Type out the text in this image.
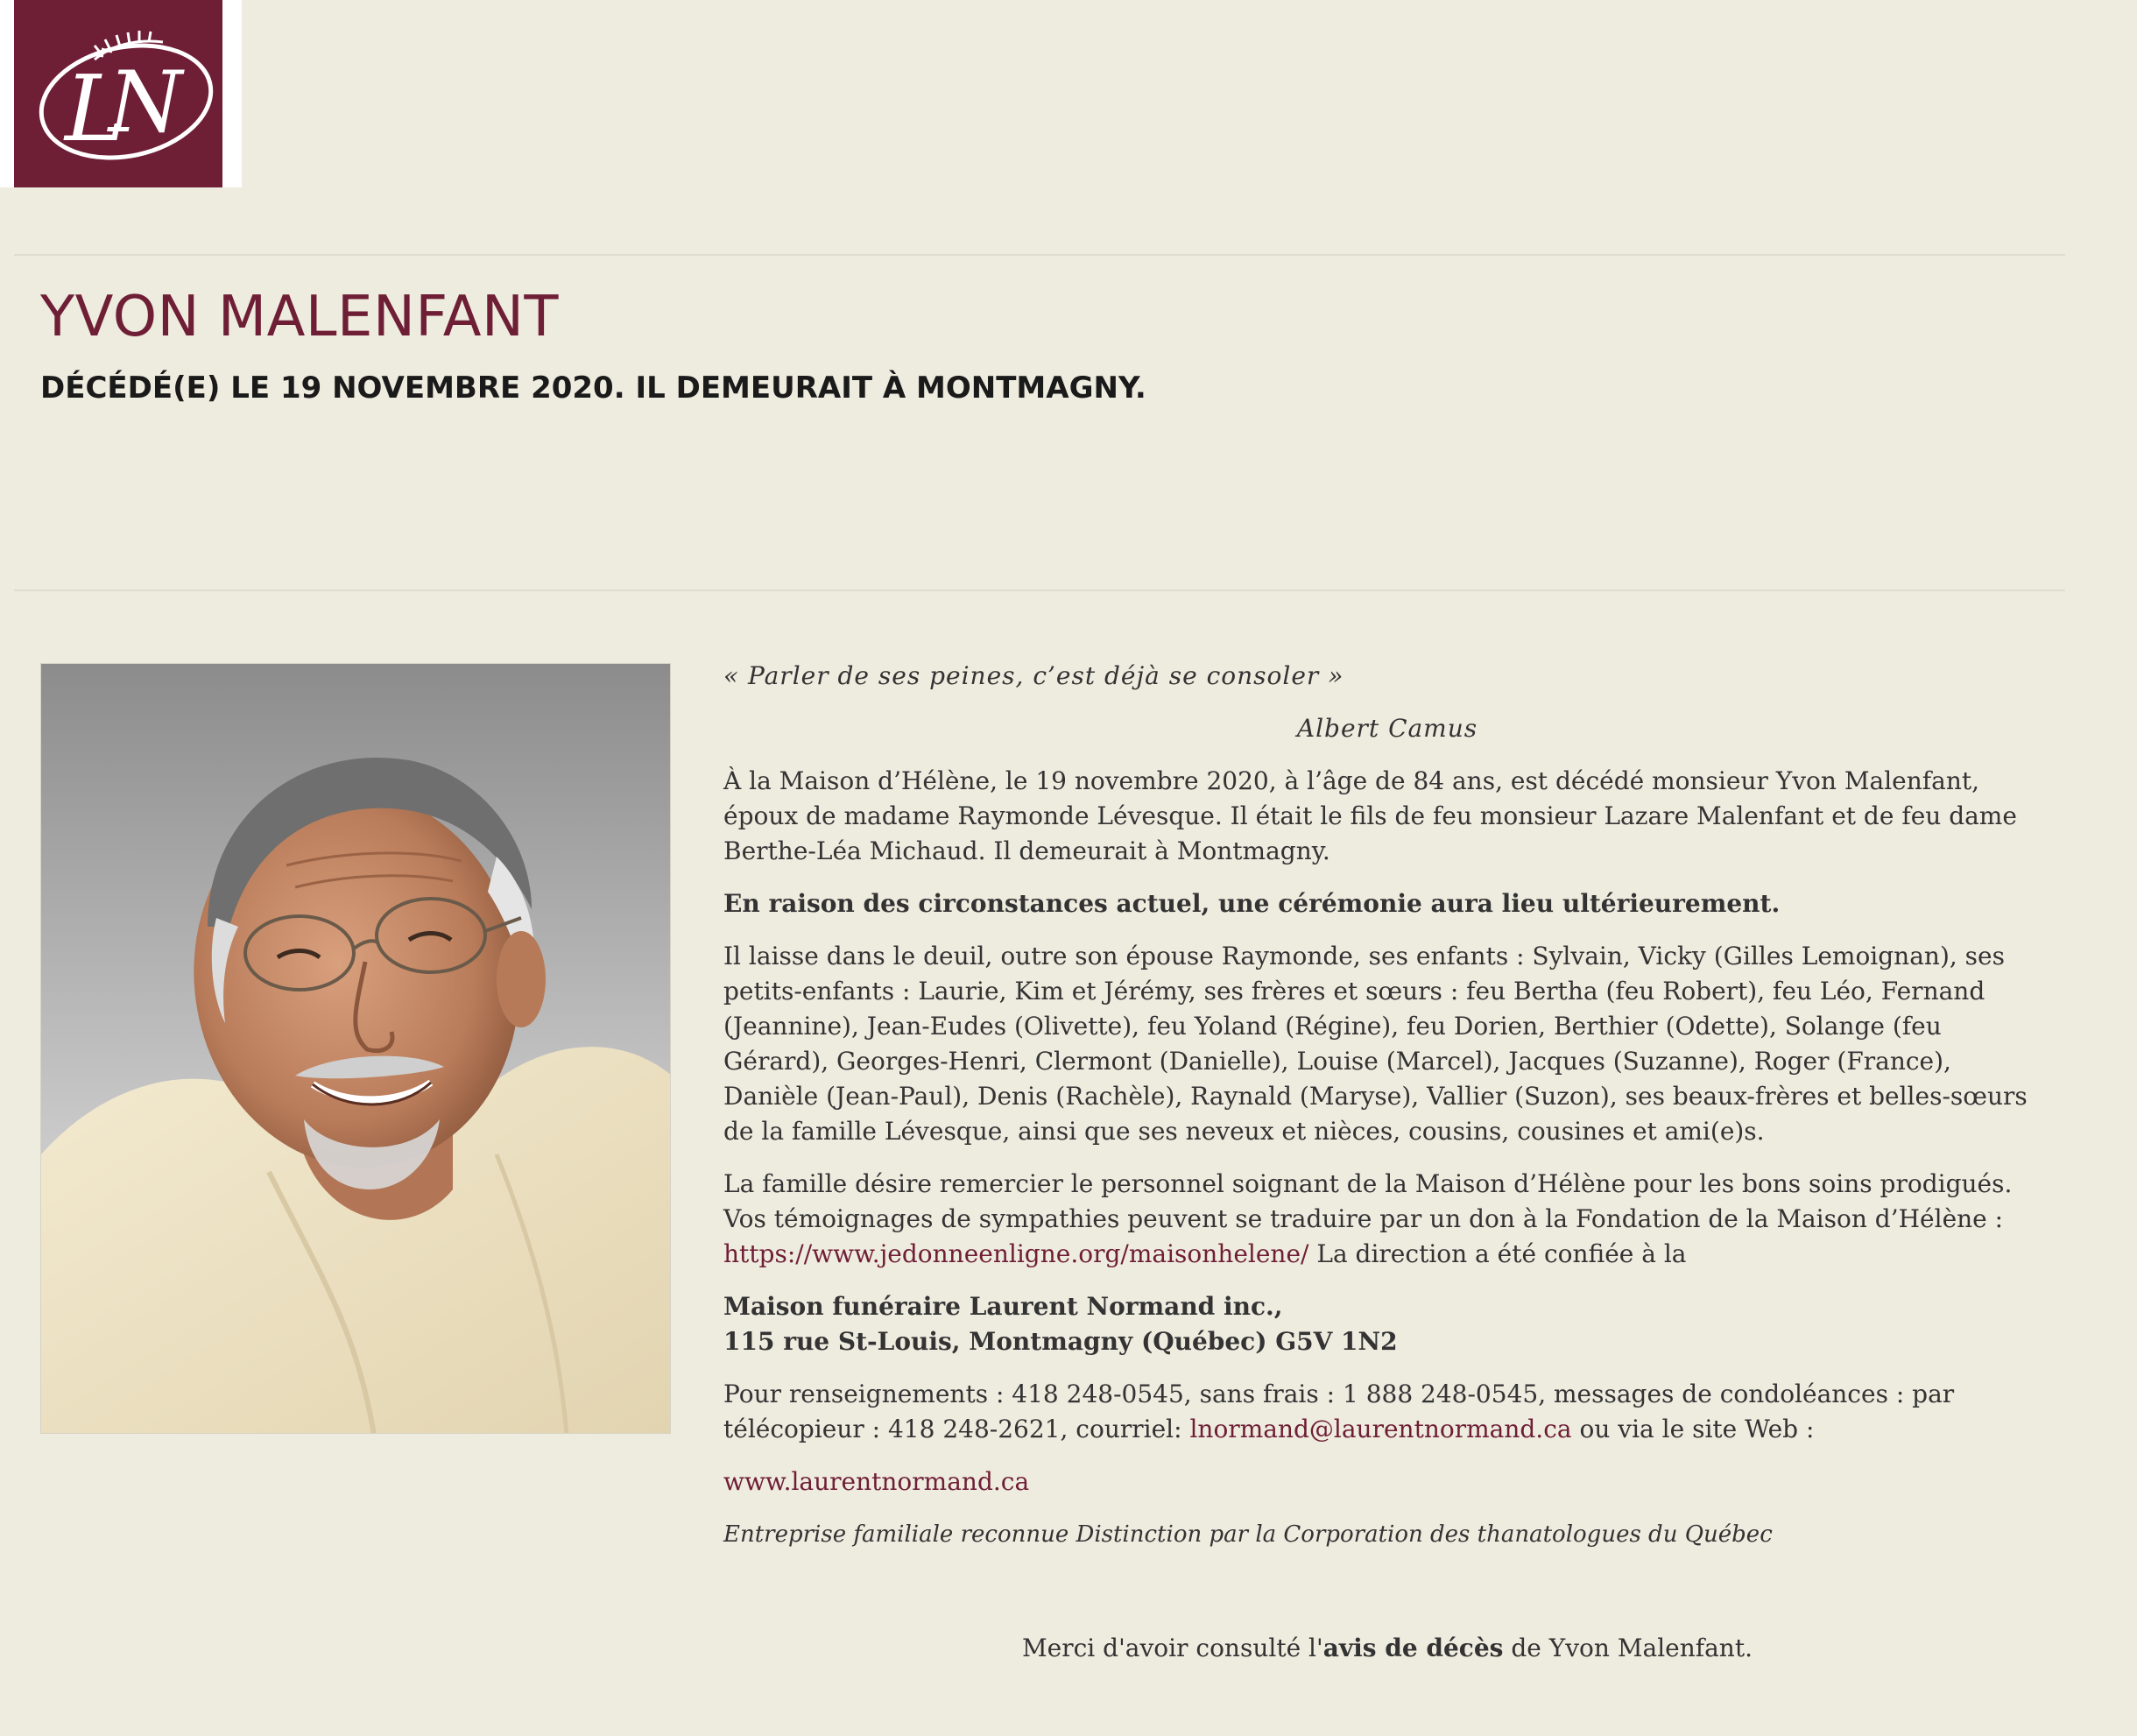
L
N
YVON MALENFANT
DÉCÉDÉ(E) LE 19 NOVEMBRE 2020. IL DEMEURAIT À MONTMAGNY.

« Parler de ses peines, c’est déjà se consoler »

Albert Camus

À la Maison d’Hélène, le 19 novembre 2020, à l’âge de 84 ans, est décédé monsieur Yvon Malenfant, époux de madame Raymonde Lévesque. Il était le fils de feu monsieur Lazare Malenfant et de feu dame Berthe-Léa Michaud. Il demeurait à Montmagny.

En raison des circonstances actuel, une cérémonie aura lieu ultérieurement.

Il laisse dans le deuil, outre son épouse Raymonde, ses enfants : Sylvain, Vicky (Gilles Lemoignan), ses petits-enfants : Laurie, Kim et Jérémy, ses frères et sœurs : feu Bertha (feu Robert), feu Léo, Fernand (Jeannine), Jean-Eudes (Olivette), feu Yoland (Régine), feu Dorien, Berthier (Odette), Solange (feu Gérard), Georges-Henri, Clermont (Danielle), Louise (Marcel), Jacques (Suzanne), Roger (France), Danièle (Jean-Paul), Denis (Rachèle), Raynald (Maryse), Vallier (Suzon), ses beaux-frères et belles-sœurs de la famille Lévesque, ainsi que ses neveux et nièces, cousins, cousines et ami(e)s.

La famille désire remercier le personnel soignant de la Maison d’Hélène pour les bons soins prodigués. Vos témoignages de sympathies peuvent se traduire par un don à la Fondation de la Maison d’Hélène : https://www.jedonneenligne.org/maisonhelene/ La direction a été confiée à la

Maison funéraire Laurent Normand inc.,
115 rue St-Louis, Montmagny (Québec) G5V 1N2

Pour renseignements : 418 248-0545, sans frais : 1 888 248-0545, messages de condoléances : par télécopieur : 418 248-2621, courriel: lnormand@laurentnormand.ca ou via le site Web :

www.laurentnormand.ca

Entreprise familiale reconnue Distinction par la Corporation des thanatologues du Québec

Merci d'avoir consulté l'avis de décès de Yvon Malenfant.
